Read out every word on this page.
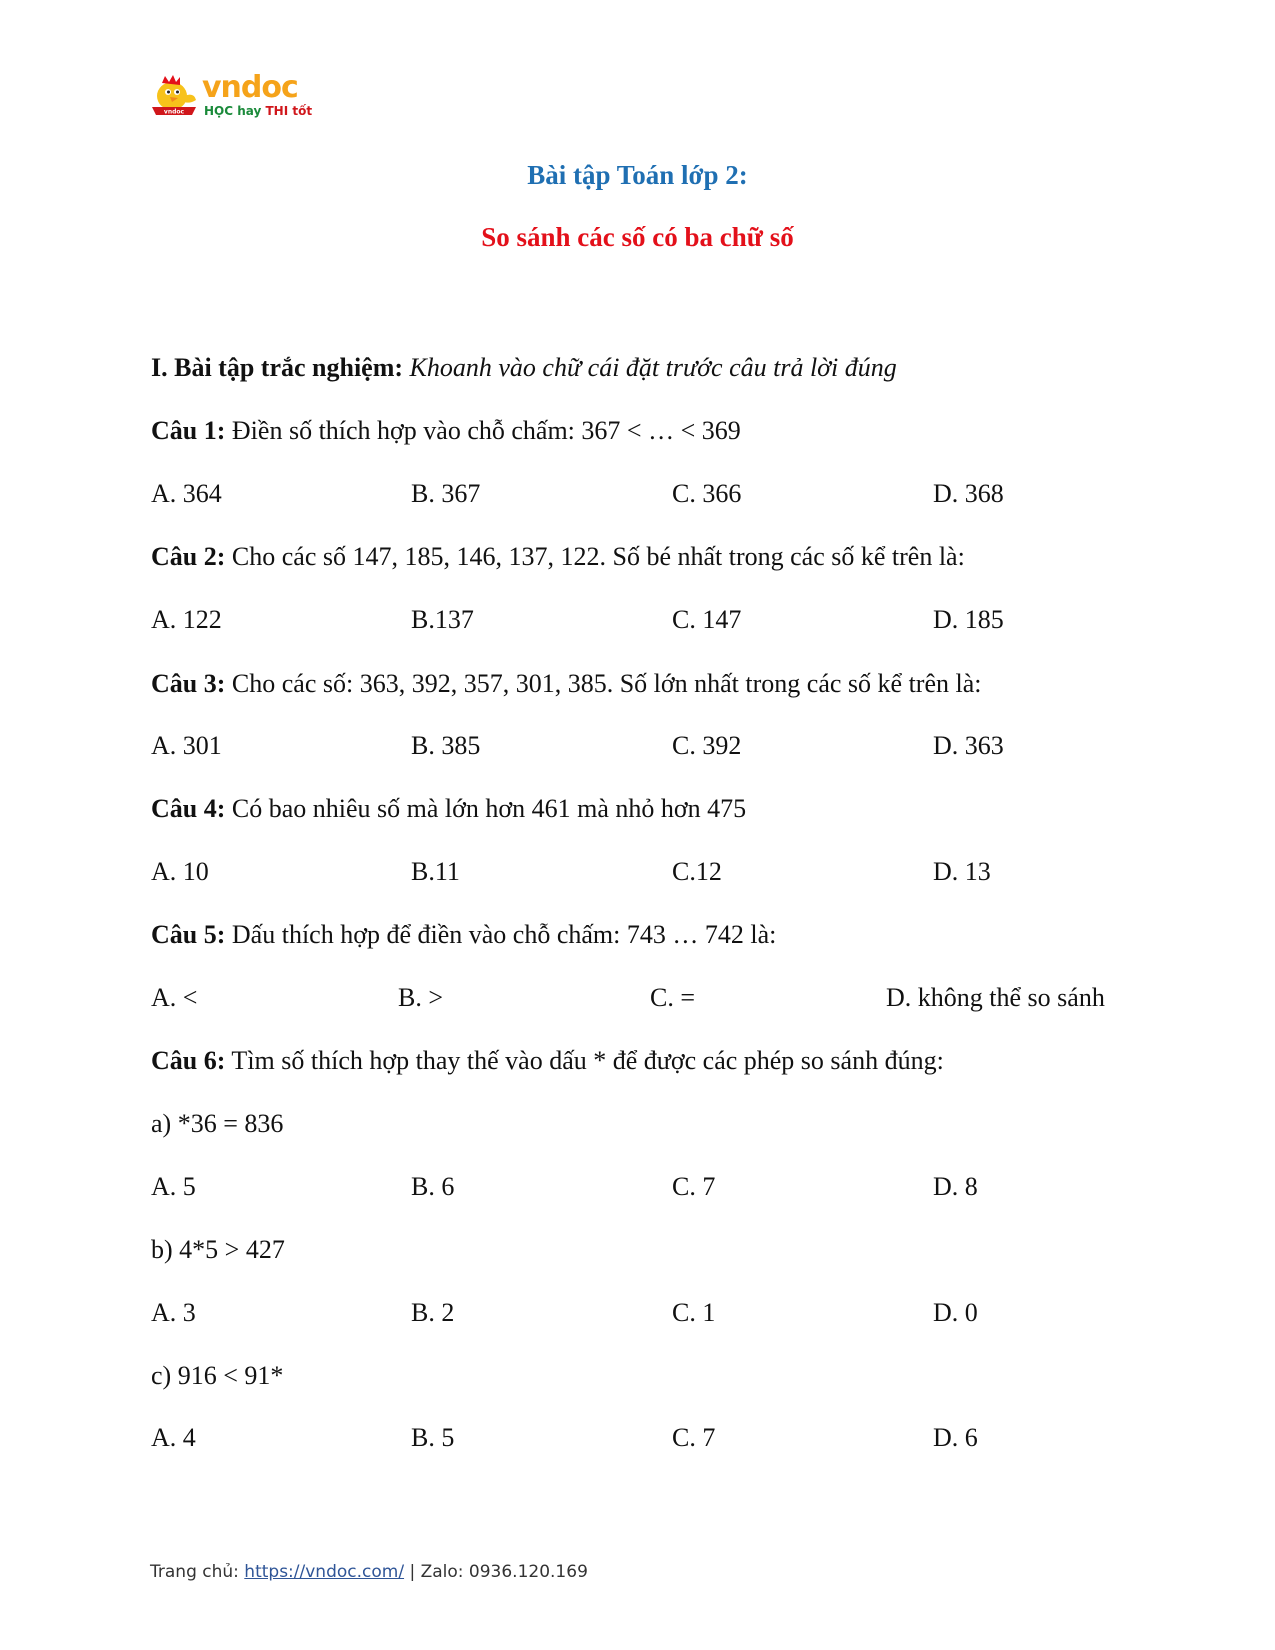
vndoc
vndoc
HỌC hay THI tốt
Bài tập Toán lớp 2:
So sánh các số có ba chữ số
I. Bài tập trắc nghiệm: Khoanh vào chữ cái đặt trước câu trả lời đúng
Câu 1: Điền số thích hợp vào chỗ chấm: 367 < … < 369
A. 364	B. 367	C. 366	D. 368
Câu 2: Cho các số 147, 185, 146, 137, 122. Số bé nhất trong các số kể trên là:
A. 122	B.137	C. 147	D. 185
Câu 3: Cho các số: 363, 392, 357, 301, 385. Số lớn nhất trong các số kể trên là:
A. 301	B. 385	C. 392	D. 363
Câu 4: Có bao nhiêu số mà lớn hơn 461 mà nhỏ hơn 475
A. 10	B.11	C.12	D. 13
Câu 5: Dấu thích hợp để điền vào chỗ chấm: 743 … 742 là:
A. <	B. >	C. =	D. không thể so sánh
Câu 6: Tìm số thích hợp thay thế vào dấu * để được các phép so sánh đúng:
a) *36 = 836
A. 5	B. 6	C. 7	D. 8
b) 4*5 > 427
A. 3	B. 2	C. 1	D. 0
c) 916 < 91*
A. 4	B. 5	C. 7	D. 6
Trang chủ: https://vndoc.com/ | Zalo: 0936.120.169
